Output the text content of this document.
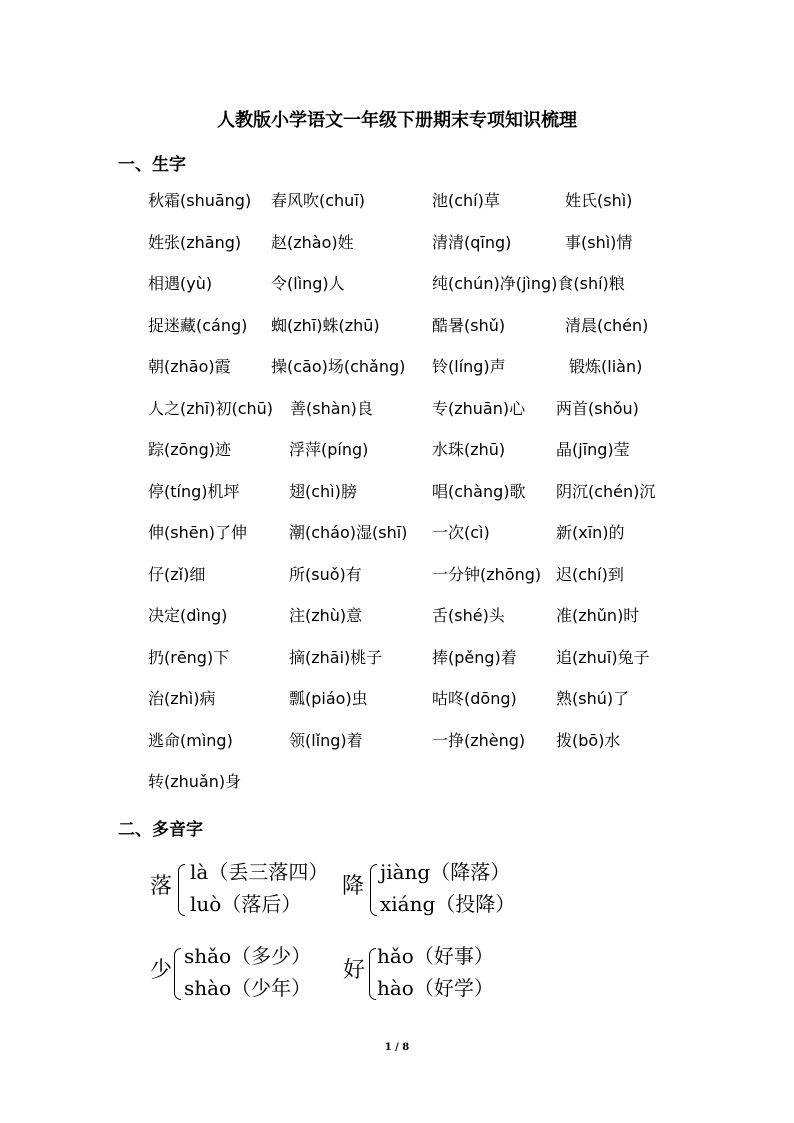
人教版小学语文一年级下册期末专项知识梳理
一、生字
秋霜(shuāng) 春风吹(chuī)	池(chí)草	姓氏(shì)
姓张(zhāng) 赵(zhào)姓	清清(qīng)	事(shì)情
相遇(yù)	令(lìng)人	纯(chún)净(jìng)食(shí)粮
捉迷藏(cáng) 蜘(zhī)蛛(zhū)	酷暑(shǔ)	清晨(chén)
朝(zhāo)霞	操(cāo)场(chǎng) 铃(líng)声	锻炼(liàn)
人之(zhī)初(chū) 善(shàn)良	专(zhuān)心 两首(shǒu)
踪(zōng)迹	浮萍(píng)	水珠(zhū)	晶(jīng)莹
停(tíng)机坪	翅(chì)膀	唱(chàng)歌 阴沉(chén)沉
伸(shēn)了伸	潮(cháo)湿(shī) 一次(cì)	新(xīn)的
仔(zǐ)细	所(suǒ)有	一分钟(zhōng) 迟(chí)到
决定(dìng)	注(zhù)意	舌(shé)头	准(zhǔn)时
扔(rēng)下	摘(zhāi)桃子	捧(pěng)着 追(zhuī)兔子
治(zhì)病	瓢(piáo)虫	咕咚(dōng) 熟(shú)了
逃命(mìng)	领(lǐng)着	一挣(zhèng) 拨(bō)水
转(zhuǎn)身
二、多音字
落
là（丢三落四）
luò（落后）
降
jiàng（降落）
xiáng（投降）
少
shǎo（多少）
shào（少年）
好
hǎo（好事）
hào（好学）
1 / 8
